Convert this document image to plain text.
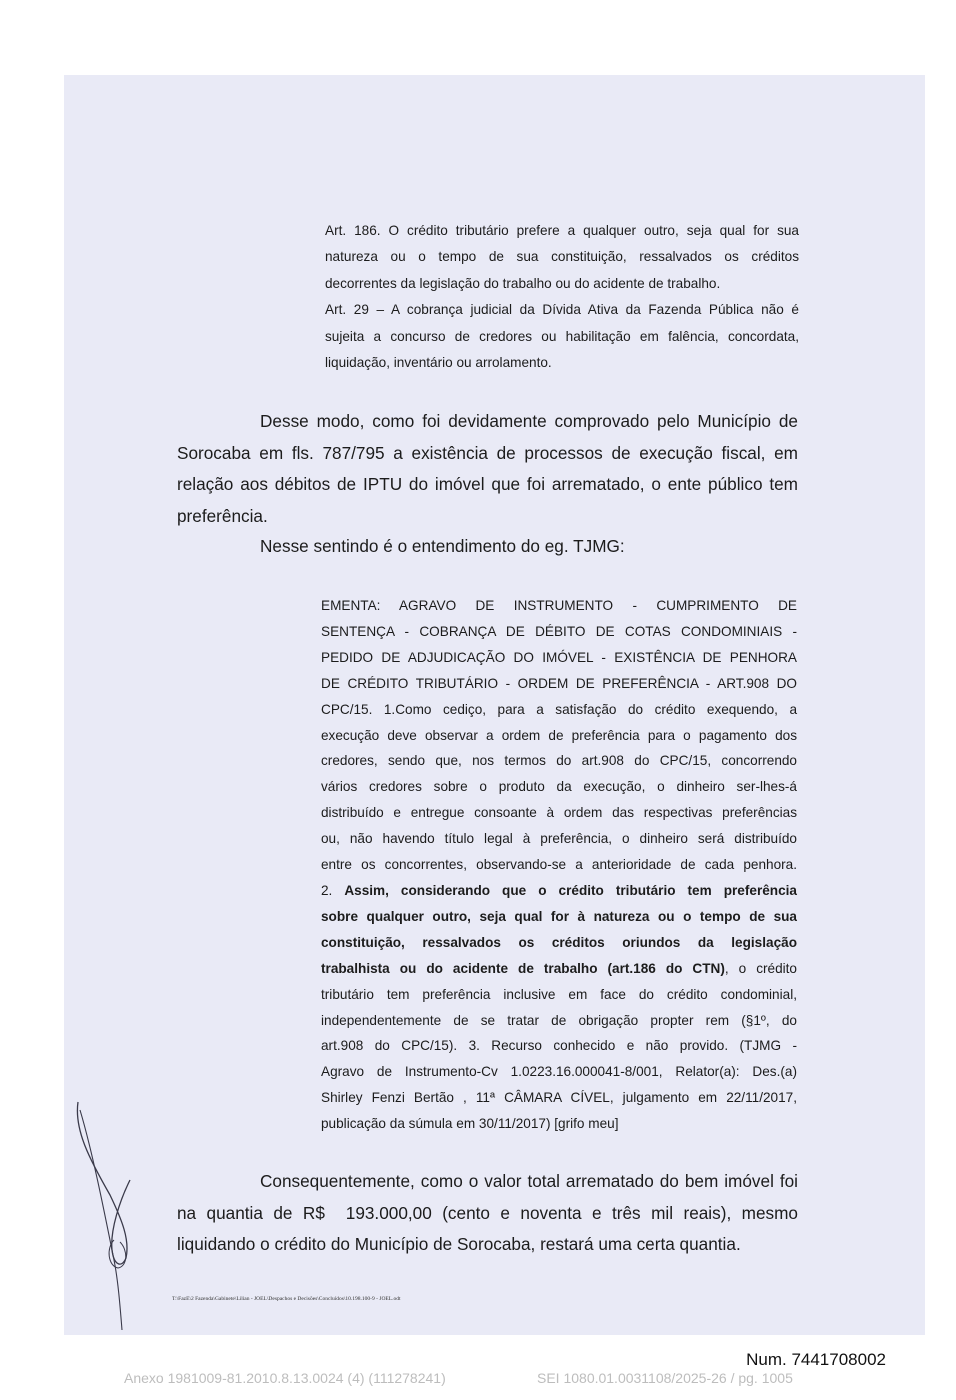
Art. 186. O crédito tributário prefere a qualquer outro, seja qual for sua
natureza ou o tempo de sua constituição, ressalvados os créditos
decorrentes da legislação do trabalho ou do acidente de trabalho.
Art. 29 – A cobrança judicial da Dívida Ativa da Fazenda Pública não é
sujeita a concurso de credores ou habilitação em falência, concordata,
liquidação, inventário ou arrolamento.
Desse modo, como foi devidamente comprovado pelo Município de
Sorocaba em fls. 787/795 a existência de processos de execução fiscal, em
relação aos débitos de IPTU do imóvel que foi arrematado, o ente público tem
preferência.
Nesse sentindo é o entendimento do eg. TJMG:
EMENTA: AGRAVO DE INSTRUMENTO - CUMPRIMENTO DE
SENTENÇA - COBRANÇA DE DÉBITO DE COTAS CONDOMINIAIS -
PEDIDO DE ADJUDICAÇÃO DO IMÓVEL - EXISTÊNCIA DE PENHORA
DE CRÉDITO TRIBUTÁRIO - ORDEM DE PREFERÊNCIA - ART.908 DO
CPC/15. 1.Como cediço, para a satisfação do crédito exequendo, a
execução deve observar a ordem de preferência para o pagamento dos
credores, sendo que, nos termos do art.908 do CPC/15, concorrendo
vários credores sobre o produto da execução, o dinheiro ser-lhes-á
distribuído e entregue consoante à ordem das respectivas preferências
ou, não havendo título legal à preferência, o dinheiro será distribuído
entre os concorrentes, observando-se a anterioridade de cada penhora.
2. Assim, considerando que o crédito tributário tem preferência
sobre qualquer outro, seja qual for à natureza ou o tempo de sua
constituição, ressalvados os créditos oriundos da legislação
trabalhista ou do acidente de trabalho (art.186 do CTN), o crédito
tributário tem preferência inclusive em face do crédito condominial,
independentemente de se tratar de obrigação propter rem (§1º, do
art.908 do CPC/15). 3. Recurso conhecido e não provido. (TJMG -
Agravo de Instrumento-Cv 1.0223.16.000041-8/001, Relator(a): Des.(a)
Shirley Fenzi Bertão , 11ª CÂMARA CÍVEL, julgamento em 22/11/2017,
publicação da súmula em 30/11/2017) [grifo meu]
Consequentemente, como o valor total arrematado do bem imóvel foi
na quantia de R$  193.000,00 (cento e noventa e três mil reais), mesmo
liquidando o crédito do Município de Sorocaba, restará uma certa quantia.
T:\FazE\2 Fazenda\Gabinete\Lilian - JOEL\Despachos e Decisões\Concluídos\10.198.100-9 - JOEL.odt
Num. 7441708002
Anexo 1981009-81.2010.8.13.0024 (4) (111278241)	SEI 1080.01.0031108/2025-26 / pg. 1005
